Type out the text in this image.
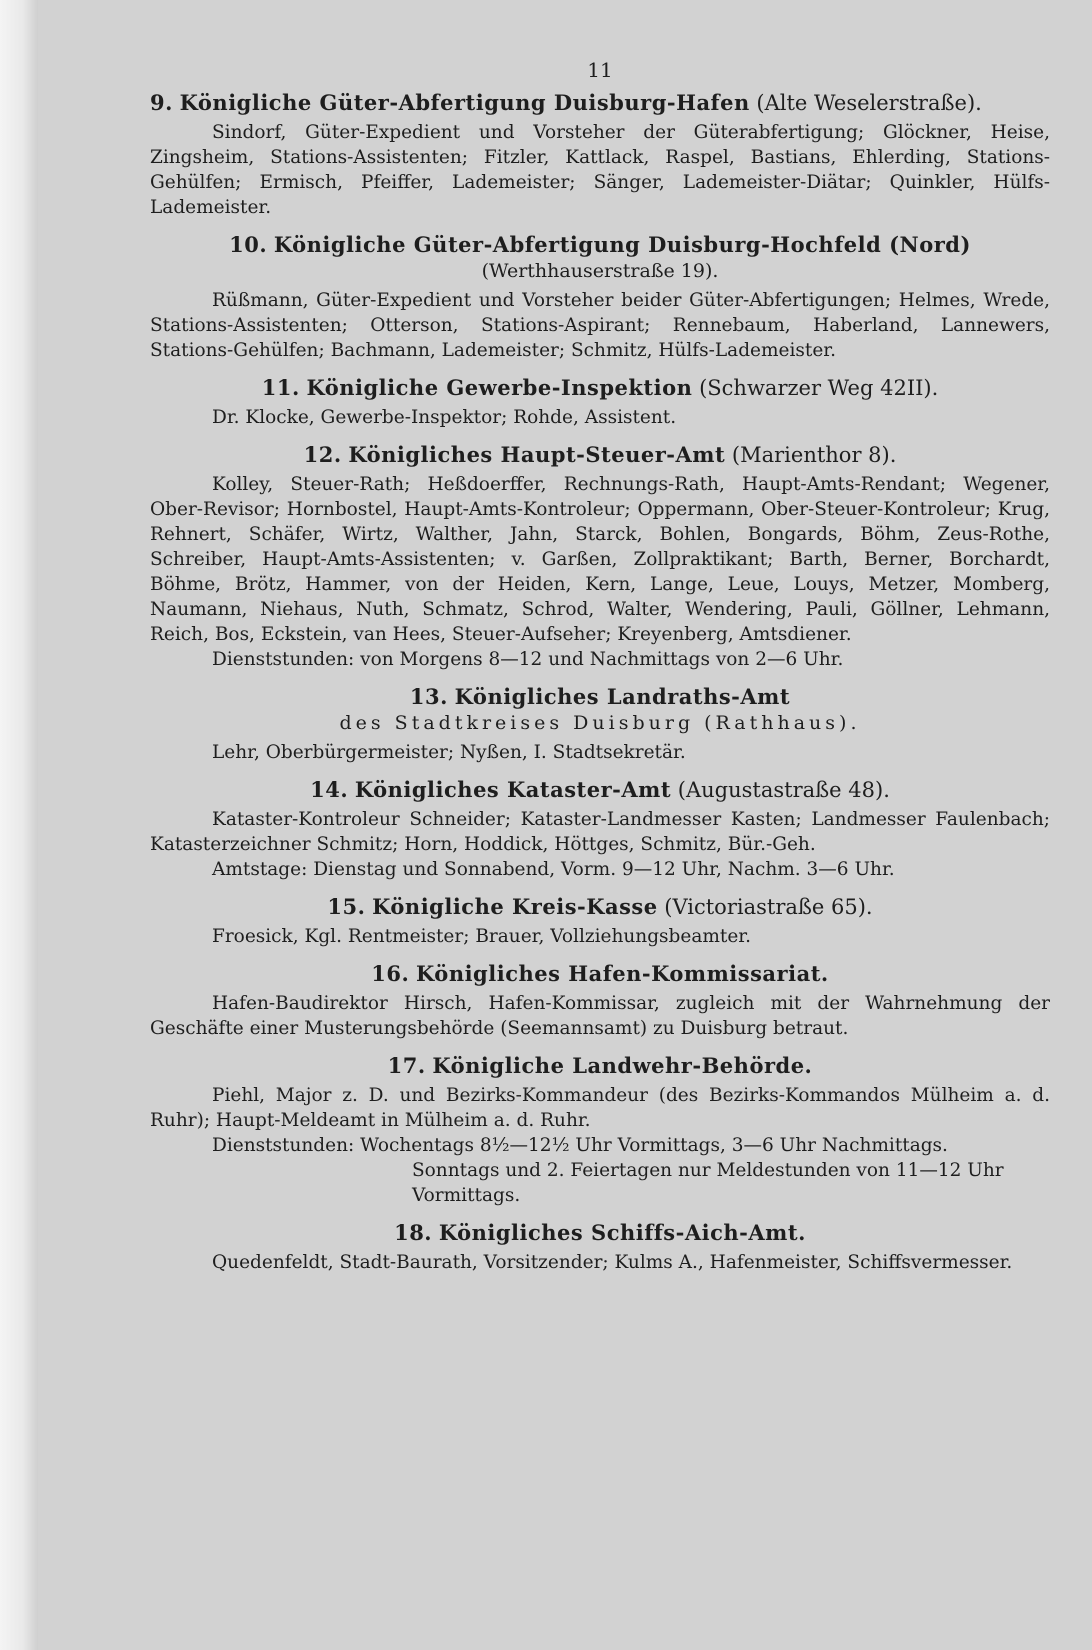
11
9. Königliche Güter-Abfertigung Duisburg-Hafen (Alte Weselerstraße).

Sindorf, Güter-Expedient und Vorsteher der Güterabfertigung; Glöckner, Heise, Zingsheim, Stations-Assistenten; Fitzler, Kattlack, Raspel, Bastians, Ehlerding, Stations-Gehülfen; Ermisch, Pfeiffer, Lademeister; Sänger, Lademeister-Diätar; Quinkler, Hülfs-Lademeister.

10. Königliche Güter-Abfertigung Duisburg-Hochfeld (Nord)
(Werthhauserstraße 19).

Rüßmann, Güter-Expedient und Vorsteher beider Güter-Abfertigungen; Helmes, Wrede, Stations-Assistenten; Otterson, Stations-Aspirant; Rennebaum, Haberland, Lannewers, Stations-Gehülfen; Bachmann, Lademeister; Schmitz, Hülfs-Lademeister.

11. Königliche Gewerbe-Inspektion (Schwarzer Weg 42II).

Dr. Klocke, Gewerbe-Inspektor; Rohde, Assistent.

12. Königliches Haupt-Steuer-Amt (Marienthor 8).

Kolley, Steuer-Rath; Heßdoerffer, Rechnungs-Rath, Haupt-Amts-Rendant; Wegener, Ober-Revisor; Hornbostel, Haupt-Amts-Kontroleur; Oppermann, Ober-Steuer-Kontroleur; Krug, Rehnert, Schäfer, Wirtz, Walther, Jahn, Starck, Bohlen, Bongards, Böhm, Zeus-Rothe, Schreiber, Haupt-Amts-Assistenten; v. Garßen, Zollpraktikant; Barth, Berner, Borchardt, Böhme, Brötz, Hammer, von der Heiden, Kern, Lange, Leue, Louys, Metzer, Momberg, Naumann, Niehaus, Nuth, Schmatz, Schrod, Walter, Wendering, Pauli, Göllner, Lehmann, Reich, Bos, Eckstein, van Hees, Steuer-Aufseher; Kreyenberg, Amtsdiener.

Dienststunden: von Morgens 8—12 und Nachmittags von 2—6 Uhr.

13. Königliches Landraths-Amt
des Stadtkreises Duisburg (Rathhaus).

Lehr, Oberbürgermeister; Nyßen, I. Stadtsekretär.

14. Königliches Kataster-Amt (Augustastraße 48).

Kataster-Kontroleur Schneider; Kataster-Landmesser Kasten; Landmesser Faulenbach; Katasterzeichner Schmitz; Horn, Hoddick, Höttges, Schmitz, Bür.-Geh.

Amtstage: Dienstag und Sonnabend, Vorm. 9—12 Uhr, Nachm. 3—6 Uhr.

15. Königliche Kreis-Kasse (Victoriastraße 65).

Froesick, Kgl. Rentmeister; Brauer, Vollziehungsbeamter.

16. Königliches Hafen-Kommissariat.

Hafen-Baudirektor Hirsch, Hafen-Kommissar, zugleich mit der Wahrnehmung der Geschäfte einer Musterungsbehörde (Seemannsamt) zu Duisburg betraut.

17. Königliche Landwehr-Behörde.

Piehl, Major z. D. und Bezirks-Kommandeur (des Bezirks-Kommandos Mülheim a. d. Ruhr); Haupt-Meldeamt in Mülheim a. d. Ruhr.

Dienststunden: Wochentags 8½—12½ Uhr Vormittags, 3—6 Uhr Nachmittags.

Sonntags und 2. Feiertagen nur Meldestunden von 11—12 Uhr Vormittags.

18. Königliches Schiffs-Aich-Amt.

Quedenfeldt, Stadt-Baurath, Vorsitzender; Kulms A., Hafenmeister, Schiffsvermesser.
